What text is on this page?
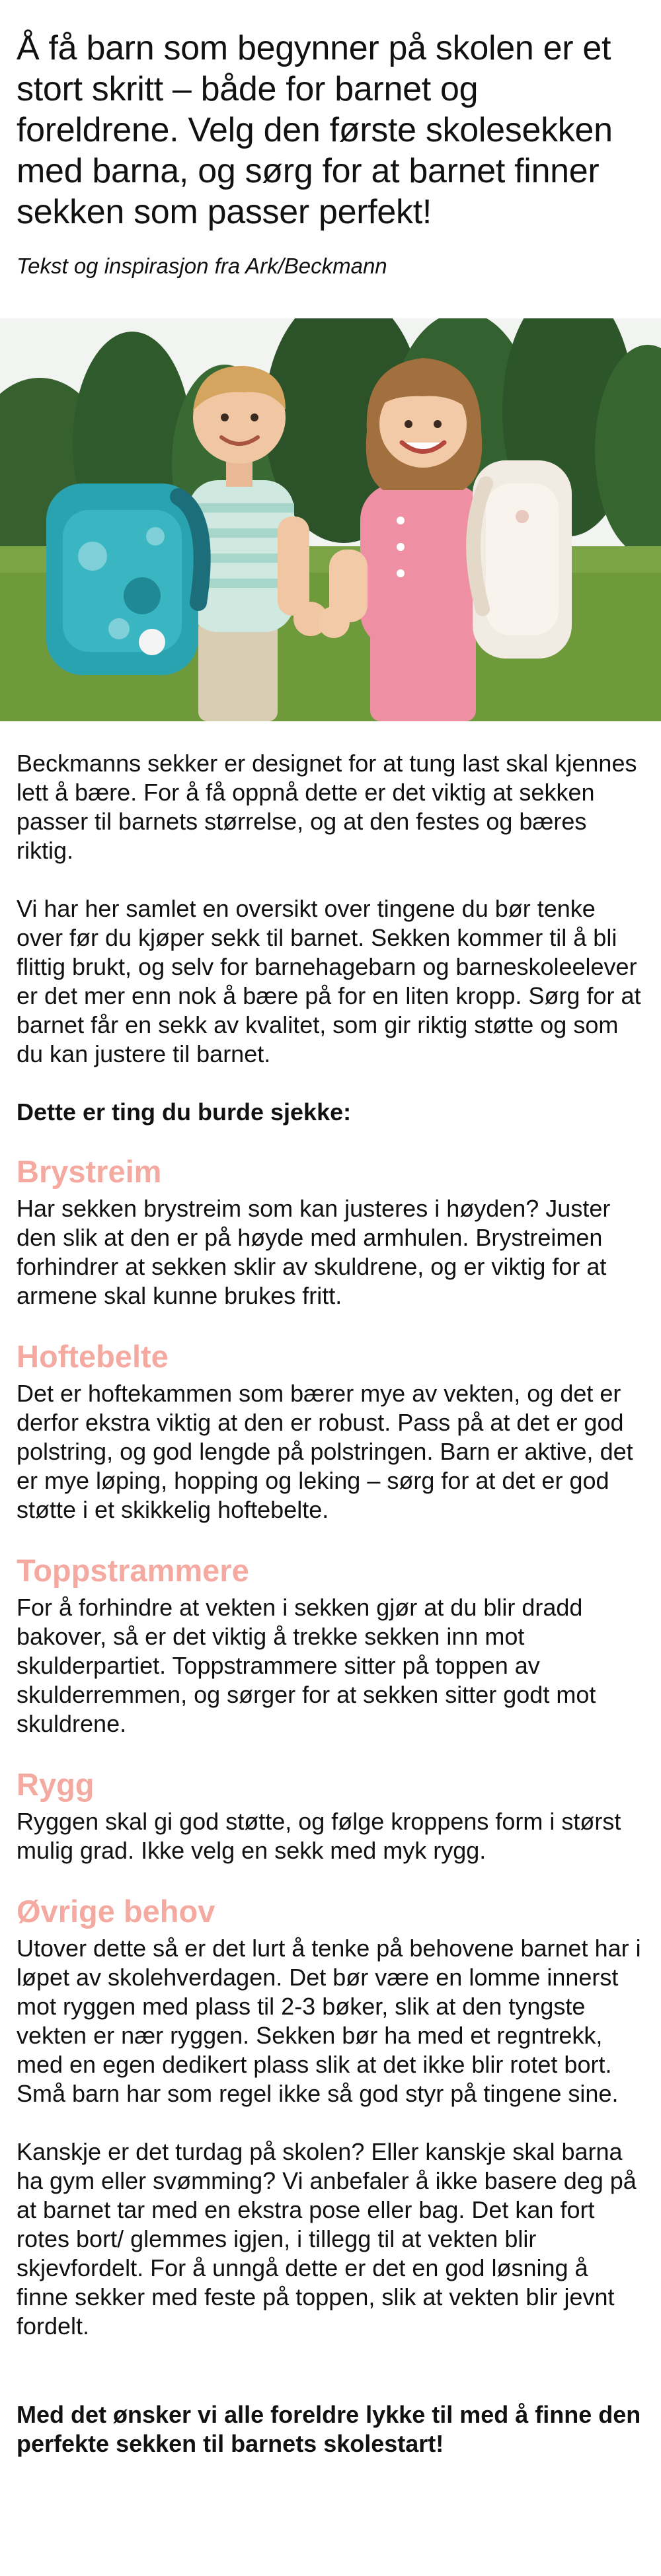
Å få barn som begynner på skolen er et stort skritt – både for barnet og foreldrene. Velg den første skolesekken med barna, og sørg for at barnet finner sekken som passer perfekt!

Tekst og inspirasjon fra Ark/Beckmann

Beckmanns sekker er designet for at tung last skal kjennes lett å bære. For å få oppnå dette er det viktig at sekken passer til barnets størrelse, og at den festes og bæres riktig.

Vi har her samlet en oversikt over tingene du bør tenke over før du kjøper sekk til barnet. Sekken kommer til å bli flittig brukt, og selv for barnehagebarn og barneskoleelever er det mer enn nok å bære på for en liten kropp. Sørg for at barnet får en sekk av kvalitet, som gir riktig støtte og som du kan justere til barnet.

Dette er ting du burde sjekke:

Brystreim

Har sekken brystreim som kan justeres i høyden? Juster den slik at den er på høyde med armhulen. Brystreimen forhindrer at sekken sklir av skuldrene, og er viktig for at armene skal kunne brukes fritt.

Hoftebelte

Det er hoftekammen som bærer mye av vekten, og det er derfor ekstra viktig at den er robust. Pass på at det er god polstring, og god lengde på polstringen. Barn er aktive, det er mye løping, hopping og leking – sørg for at det er god støtte i et skikkelig hoftebelte.

Toppstrammere

For å forhindre at vekten i sekken gjør at du blir dradd bakover, så er det viktig å trekke sekken inn mot skulderpartiet. Toppstrammere sitter på toppen av skulderremmen, og sørger for at sekken sitter godt mot skuldrene.

Rygg

Ryggen skal gi god støtte, og følge kroppens form i størst mulig grad. Ikke velg en sekk med myk rygg.

Øvrige behov

Utover dette så er det lurt å tenke på behovene barnet har i løpet av skolehverdagen. Det bør være en lomme innerst mot ryggen med plass til 2-3 bøker, slik at den tyngste vekten er nær ryggen. Sekken bør ha med et regntrekk, med en egen dedikert plass slik at det ikke blir rotet bort. Små barn har som regel ikke så god styr på tingene sine.

Kanskje er det turdag på skolen? Eller kanskje skal barna ha gym eller svømming? Vi anbefaler å ikke basere deg på at barnet tar med en ekstra pose eller bag. Det kan fort rotes bort/ glemmes igjen, i tillegg til at vekten blir skjevfordelt. For å unngå dette er det en god løsning å finne sekker med feste på toppen, slik at vekten blir jevnt fordelt.

Med det ønsker vi alle foreldre lykke til med å finne den perfekte sekken til barnets skolestart!
